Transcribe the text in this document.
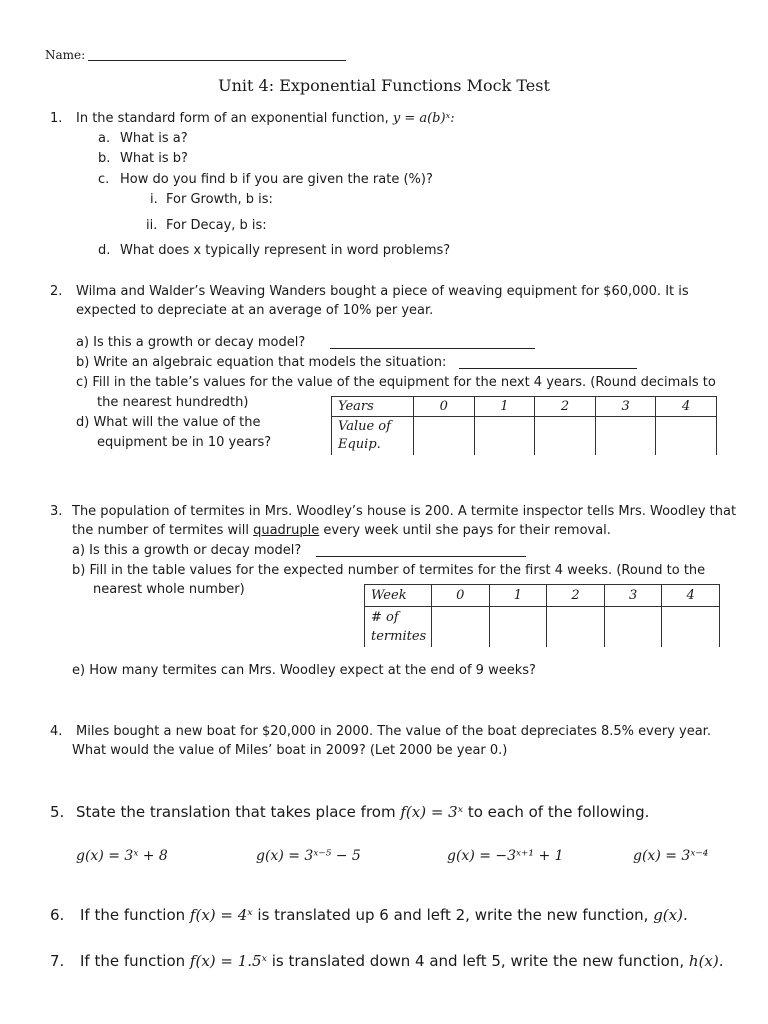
Name:
Unit 4: Exponential Functions Mock Test
1. In the standard form of an exponential function, y = a(b)ˣ:
a. What is a?
b. What is b?
c. How do you find b if you are given the rate (%)?
i. For Growth, b is:
ii. For Decay, b is:
d. What does x typically represent in word problems?
2. Wilma and Walder’s Weaving Wanders bought a piece of weaving equipment for $60,000. It is
expected to depreciate at an average of 10% per year.
a) Is this a growth or decay model?
b) Write an algebraic equation that models the situation:
c) Fill in the table’s values for the value of the equipment for the next 4 years. (Round decimals to
the nearest hundredth)
d) What will the value of the
equipment be in 10 years?
Years	0	1	2	3	4

Value of
Equip.					

3. The population of termites in Mrs. Woodley’s house is 200. A termite inspector tells Mrs. Woodley that
the number of termites will quadruple every week until she pays for their removal.
a) Is this a growth or decay model?
b) Fill in the table values for the expected number of termites for the first 4 weeks. (Round to the
nearest whole number)	Week	0	1	2	3	4

# of
termites					

e) How many termites can Mrs. Woodley expect at the end of 9 weeks?
4. Miles bought a new boat for $20,000 in 2000. The value of the boat depreciates 8.5% every year.
What would the value of Miles’ boat in 2009? (Let 2000 be year 0.)
5. State the translation that takes place from f(x) = 3ˣ to each of the following.
g(x) = 3ˣ + 8	g(x) = 3ˣ⁻⁵ − 5	g(x) = −3ˣ⁺¹ + 1	g(x) = 3ˣ⁻⁴
6. If the function f(x) = 4ˣ is translated up 6 and left 2, write the new function, g(x).
7. If the function f(x) = 1.5ˣ is translated down 4 and left 5, write the new function, h(x).
